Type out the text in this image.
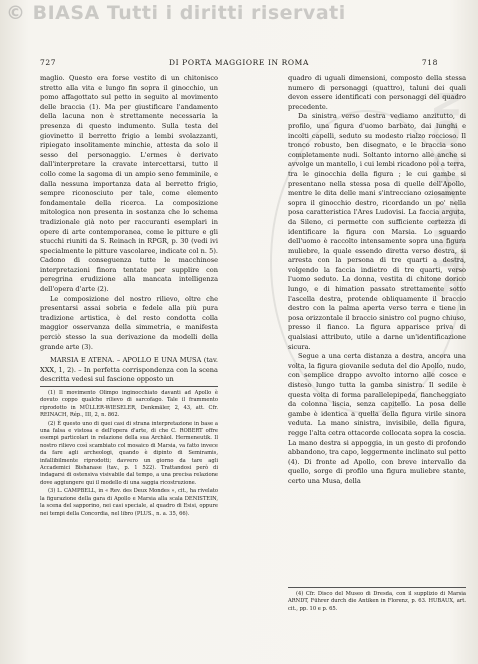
NOCHARTS
© BIASA Tutti i diritti riservati
727	DI PORTA MAGGIORE IN ROMA	718

maglio. Questo era forse vestito di un chitonisco stretto alla vita e lungo fin sopra il ginocchio, un pomo affagottato sul petto in seguito al movimento delle braccia (1). Ma per giustificare l'andamento della lacuna non è strettamente necessaria la presenza di questo indumento. Sulla testa del giovinetto il berretto frigio a lembi svolazzanti, ripiegato insolitamente minchie, attesta da solo il sesso del personaggio. L'ermes è derivato dall'interpretare la cravate intercettarsi, tutto il collo come la sagoma di un ampio seno femminile, e dalla nessuna importanza data al berretto frigio, sempre riconosciuto per tale, come elemento fondamentale della ricerca. La composizione mitologica non presenta in sostanza che lo schema tradizionale già noto per raccuranti esemplari in opere di arte contemporanea, come le pitture e gli stucchi riuniti da S. Reinach in RPGR, p. 30 (vedi ivi specialmente le pitture vascolaree, indicate col n. 5). Cadono di conseguenza tutte le macchinose interpretazioni finora tentate per supplire con peregrina erudizione alla mancata intelligenza dell'opera d'arte (2).

Le composizione del nostro rilievo, oltre che presentarsi assai sobria e fedele alla più pura tradizione artistica, è del resto condotta colla maggior osservanza della simmetria, e manifesta perciò stesso la sua derivazione da modelli della grande arte (3).

MARSIA E ATENA. – APOLLO E UNA MUSA (tav. XXX, 1, 2). – In perfetta corrispondenza con la scena descritta vedesi sul fascione opposto un

(1) Il movimento Olimpo inginocchiato davanti ad Apollo è dovuto coppo qualche rilievo di sarcofago. Tale il frammento riprodotto in MÜLLER-WIESELER, Denkmäler, 2, 43, att. Cfr. REINACH, Rép., III, 2, n. 862.

(2) È questo uno di quei casi di strana interpretazione in base a una falsa e vistosa e dell'opera d'arte, di che C. ROBERT offre esempi particolari in relazione della sua Archäol. Hermeneutik. Il nostro rilievo così scambiato col mosaico di Marsia, va fatto invece da fare agli archeologi, quando è dipinto di Semiramis, infallibilmente riprodotti; davvero un giorno da tare agli Accademici Bishanase (tav., p. 1 522). Trattandosi però di indagarsi di ostensiva visivabile dal tempo, a una precisa relazione dove aggiungere qui il modello di una saggia ricostruzione.

(3) L. CAMPBELL, in « Rev. des Deux Mondes », cit., ha rivelato la figurazione della gara di Apollo e Marsia alla scala DENISTEIN, la scena del sapporino, nei casi speciale, al quadro di Esisi, oppure nei tempi della Concordia, nel libro (PLUS., n. a. 35, 66).

quadro di uguali dimensioni, composto della stessa numero di personaggi (quattro), taluni dei quali devon essere identificati con personaggi del quadro precedente.

Da sinistra verso destra vediamo anzitutto, di profilo, una figura d'uomo barbato, dai lunghi e incolti capelli, seduto su modesto rialzo roccioso. Il tronco robusto, ben disegnato, e le braccia sono completamente nudi. Soltanto intorno alle anche si avvolge un mantello, i cui lembi ricadono poi a terra, tra le ginocchia della figura ; le cui gambe si presentano nella stessa posa di quelle dell'Apollo, mentre le dita delle mani s'intrecciano oziosamente sopra il ginocchio destro, ricordando un po' nella posa caratteristica l'Ares Ludovisi. La faccia arguta, da Sileno, ci permette con sufficiente certezza di identificare la figura con Marsia. Lo sguardo dell'uomo è raccolto intensamente sopra una figura muliebre, la quale essendo diretta verso destra, si arresta con la persona di tre quarti a destra, volgendo la faccia indietro di tre quarti, verso l'uomo seduto. La donna, vestita di chitone dorico lungo, e di himation passato strettamente sotto l'ascella destra, protende obliquamente il braccio destro con la palma aperta verso terra e tiene in posa orizzontale il braccio sinistro col pugno chiuso, presso il fianco. La figura apparisce priva di qualsiasi attributo, utile a darne un'identificazione sicura.

Segue a una certa distanza a destra, ancora una volta, la figura giovanile seduta del dio Apollo, nudo, con semplice drappo avvolto intorno alle cosce e disteso lungo tutta la gamba sinistra. Il sedile è questa volta di forma parallelepipeda, fiancheggiato da colonna liscia, senza capitello. La posa delle gambe è identica a quella della figura virile sinora veduta. La mano sinistra, invisibile, della figura, regge l'alta cetra ottacorde collocata sopra la coscia. La mano destra si appoggia, in un gesto di profondo abbandono, tra capo, leggermente inclinato sul petto (4). Di fronte ad Apollo, con breve intervallo da quello, sorge di profilo una figura muliebre stante, certo una Musa, della

(4) Cfr. Disco del Museo di Dresda, con il supplizio di Marsia ARNDT, Führer durch die Antiken in Florenz, p. 63. HUBAUX, art. cit., pp. 10 e p. 65.
